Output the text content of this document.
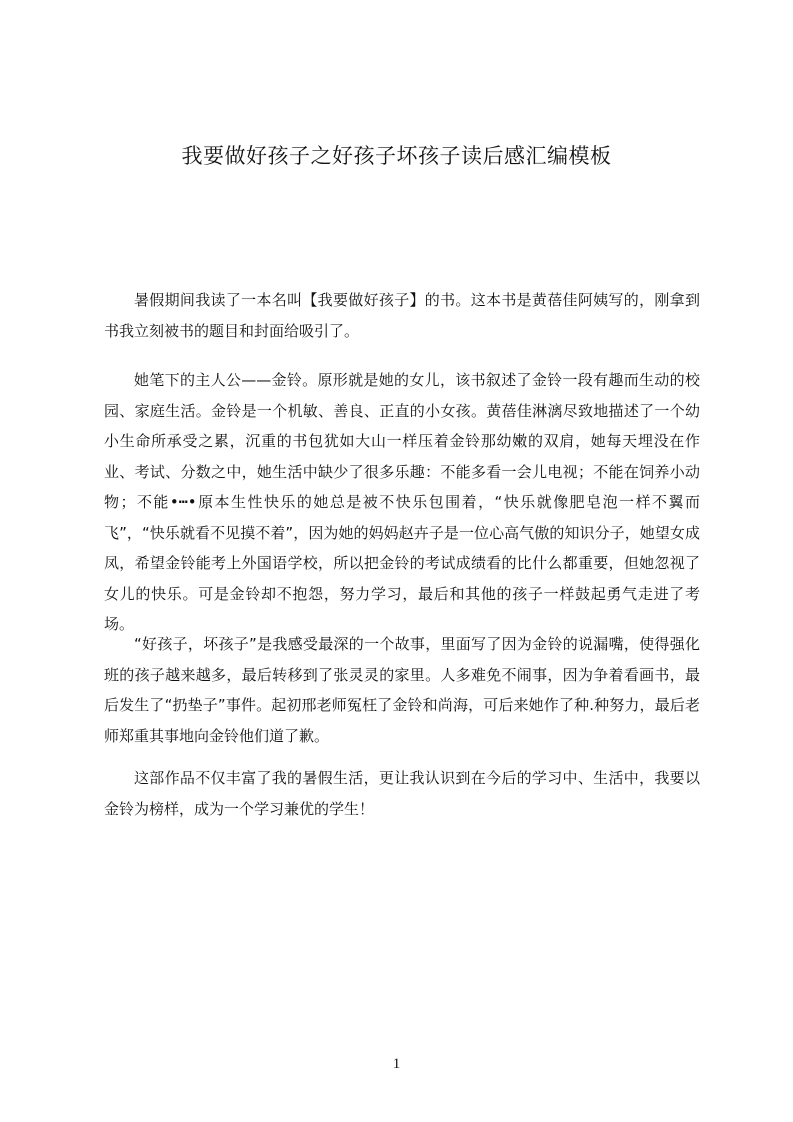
我要做好孩子之好孩子坏孩子读后感汇编模板

暑假期间我读了一本名叫【我要做好孩子】的书。这本书是黄蓓佳阿姨写的，刚拿到书我立刻被书的题目和封面给吸引了。

她笔下的主人公——金铃。原形就是她的女儿，该书叙述了金铃一段有趣而生动的校园、家庭生活。金铃是一个机敏、善良、正直的小女孩。黄蓓佳淋漓尽致地描述了一个幼小生命所承受之累，沉重的书包犹如大山一样压着金铃那幼嫩的双肩，她每天埋没在作业、考试、分数之中，她生活中缺少了很多乐趣：不能多看一会儿电视；不能在饲养小动物；不能•┅•原本生性快乐的她总是被不快乐包围着，“快乐就像肥皂泡一样不翼而飞”，“快乐就看不见摸不着”，因为她的妈妈赵卉子是一位心高气傲的知识分子，她望女成凤，希望金铃能考上外国语学校，所以把金铃的考试成绩看的比什么都重要，但她忽视了女儿的快乐。可是金铃却不抱怨，努力学习，最后和其他的孩子一样鼓起勇气走进了考场。

“好孩子，坏孩子”是我感受最深的一个故事，里面写了因为金铃的说漏嘴，使得强化班的孩子越来越多，最后转移到了张灵灵的家里。人多难免不闹事，因为争着看画书，最后发生了“扔垫子”事件。起初邢老师冤枉了金铃和尚海，可后来她作了种.种努力，最后老师郑重其事地向金铃他们道了歉。

这部作品不仅丰富了我的暑假生活，更让我认识到在今后的学习中、生活中，我要以金铃为榜样，成为一个学习兼优的学生！

1
